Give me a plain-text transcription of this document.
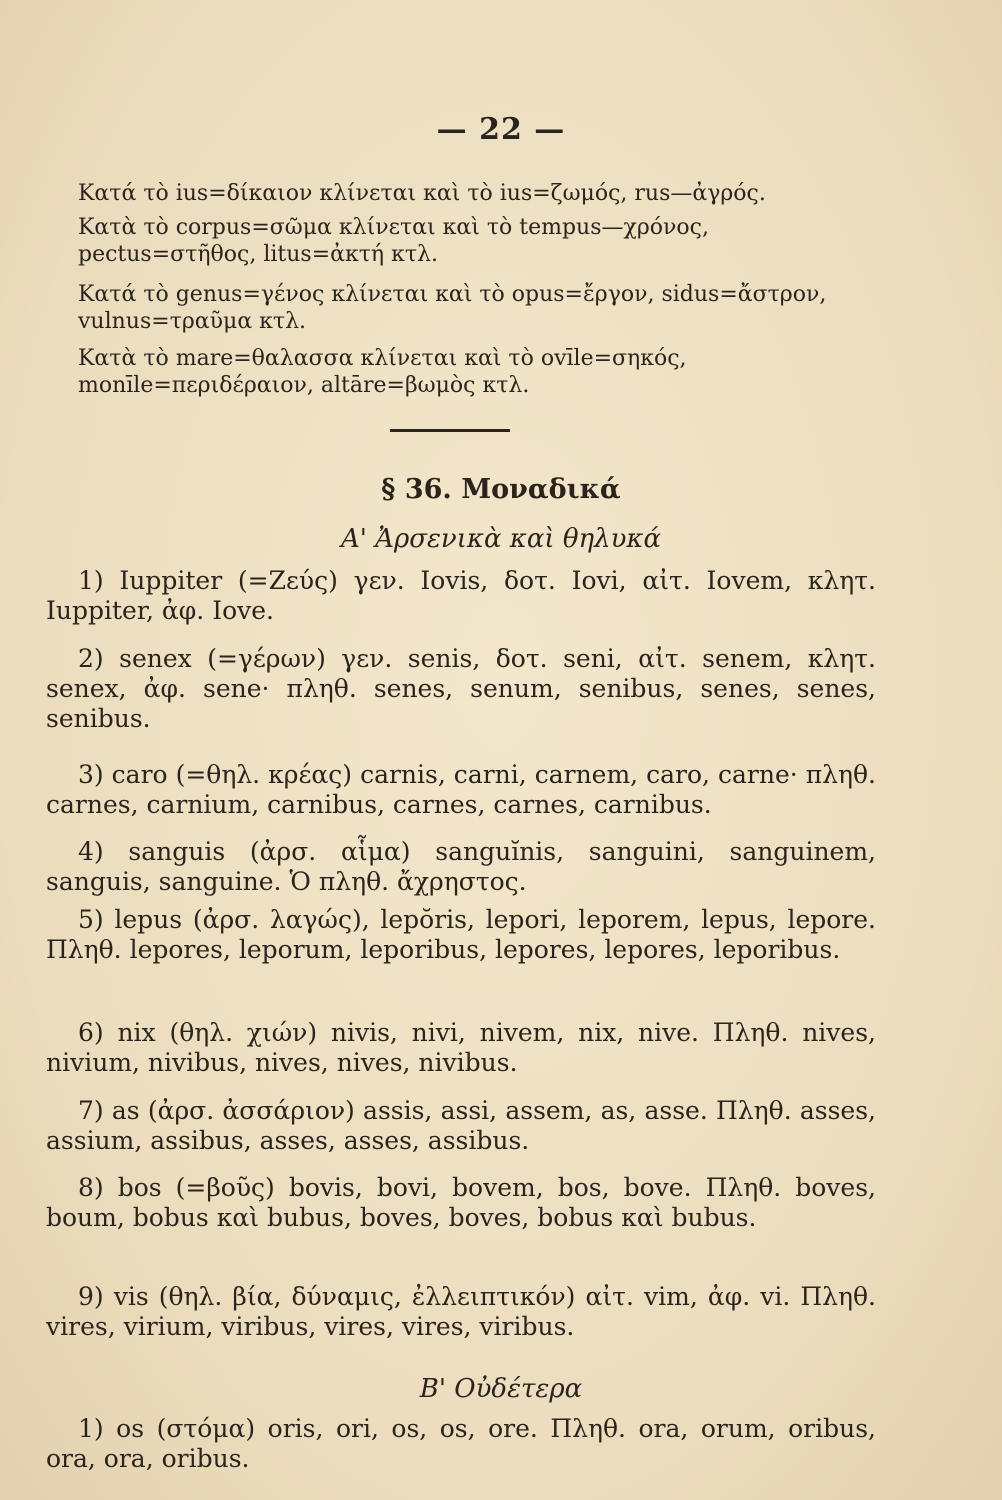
— 22 —

Κατά τὸ ius=δίκαιον κλίνεται καὶ τὸ ius=ζωμός, rus—ἀγρός.

Κατὰ τὸ corpus=σῶμα κλίνεται καὶ τὸ tempus—χρόνος, pectus=στῆθος, litus=ἀκτή κτλ.

Κατά τὸ genus=γένος κλίνεται καὶ τὸ opus=ἔργον, sidus=ἄστρον, vulnus=τραῦμα κτλ.

Κατὰ τὸ mare=θαλασσα κλίνεται καὶ τὸ ovīle=σηκός, monīle=περιδέραιον, altāre=βωμὸς κτλ.

§ 36. Μοναδικά
Α' Ἀρσενικὰ καὶ θηλυκά

1) Iuppiter (=Ζεύς) γεν. Iovis, δοτ. Iovi, αἰτ. Iovem, κλητ. Iuppiter, ἀφ. Iove.

2) senex (=γέρων) γεν. senis, δοτ. seni, αἰτ. senem, κλητ. senex, ἀφ. sene· πληθ. senes, senum, senibus, senes, senes, senibus.

3) caro (=θηλ. κρέας) carnis, carni, carnem, caro, carne· πληθ. carnes, carnium, carnibus, carnes, carnes, carnibus.

4) sanguis (ἀρσ. αἷμα) sanguĭnis, sanguini, sanguinem, sanguis, sanguine. Ὁ πληθ. ἄχρηστος.

5) lepus (ἀρσ. λαγώς), lepŏris, lepori, leporem, lepus, lepore. Πληθ. lepores, leporum, leporibus, lepores, lepores, leporibus.

6) nix (θηλ. χιών) nivis, nivi, nivem, nix, nive. Πληθ. nives, nivium, nivibus, nives, nives, nivibus.

7) as (ἀρσ. ἀσσάριον) assis, assi, assem, as, asse. Πληθ. asses, assium, assibus, asses, asses, assibus.

8) bos (=βοῦς) bovis, bovi, bovem, bos, bove. Πληθ. boves, boum, bobus καὶ bubus, boves, boves, bobus καὶ bubus.

9) vis (θηλ. βία, δύναμις, ἐλλειπτικόν) αἰτ. vim, ἀφ. vi. Πληθ. vires, virium, viribus, vires, vires, viribus.

Β' Οὐδέτερα

1) os (στόμα) oris, ori, os, os, ore. Πληθ. ora, orum, oribus, ora, ora, oribus.
